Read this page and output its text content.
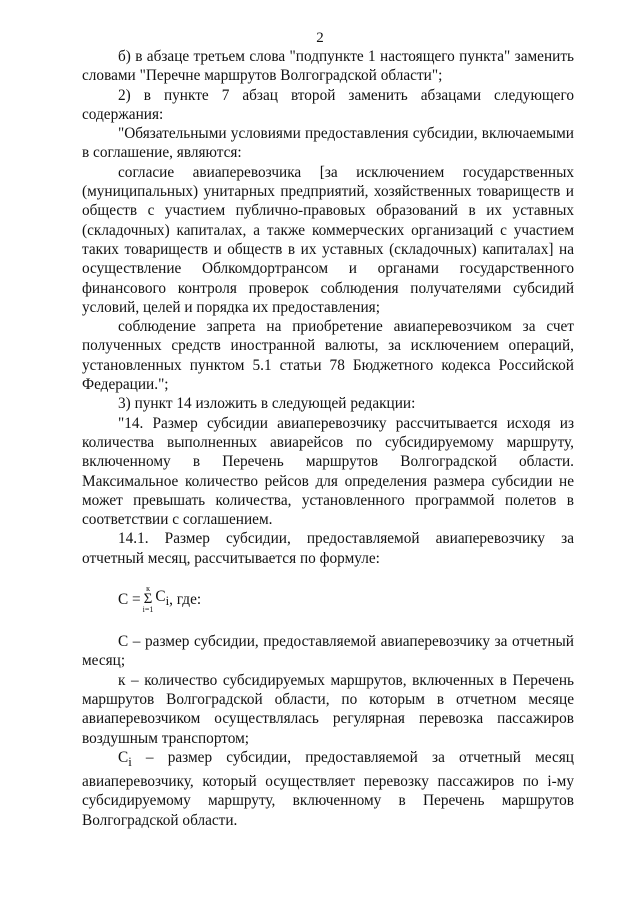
2

б) в абзаце третьем слова "подпункте 1 настоящего пункта" заменить словами "Перечне маршрутов Волгоградской области";

2) в пункте 7 абзац второй заменить абзацами следующего содержания:

"Обязательными условиями предоставления субсидии, включаемыми в соглашение, являются:

согласие авиаперевозчика [за исключением государственных (муниципальных) унитарных предприятий, хозяйственных товариществ и обществ с участием публично-правовых образований в их уставных (складочных) капиталах, а также коммерческих организаций с участием таких товариществ и обществ в их уставных (складочных) капиталах] на осуществление Облкомдортрансом и органами государственного финансового контроля проверок соблюдения получателями субсидий условий, целей и порядка их предоставления;

соблюдение запрета на приобретение авиаперевозчиком за счет полученных средств иностранной валюты, за исключением операций, установленных пунктом 5.1 статьи 78 Бюджетного кодекса Российской Федерации.";

3) пункт 14 изложить в следующей редакции:

"14. Размер субсидии авиаперевозчику рассчитывается исходя из количества выполненных авиарейсов по субсидируемому маршруту, включенному в Перечень маршрутов Волгоградской области. Максимальное количество рейсов для определения размера субсидии не может превышать количества, установленного программой полетов в соответствии с соглашением.

14.1. Размер субсидии, предоставляемой авиаперевозчику за отчетный месяц, рассчитывается по формуле:

C =
к
Σ
i=1
$C_i$ , где:

С – размер субсидии, предоставляемой авиаперевозчику за отчетный месяц;

к – количество субсидируемых маршрутов, включенных в Перечень маршрутов Волгоградской области, по которым в отчетном месяце авиаперевозчиком осуществлялась регулярная перевозка пассажиров воздушным транспортом;

$C_i$ – размер субсидии, предоставляемой за отчетный месяц авиаперевозчику, который осуществляет перевозку пассажиров по i-му субсидируемому маршруту, включенному в Перечень маршрутов Волгоградской области.
